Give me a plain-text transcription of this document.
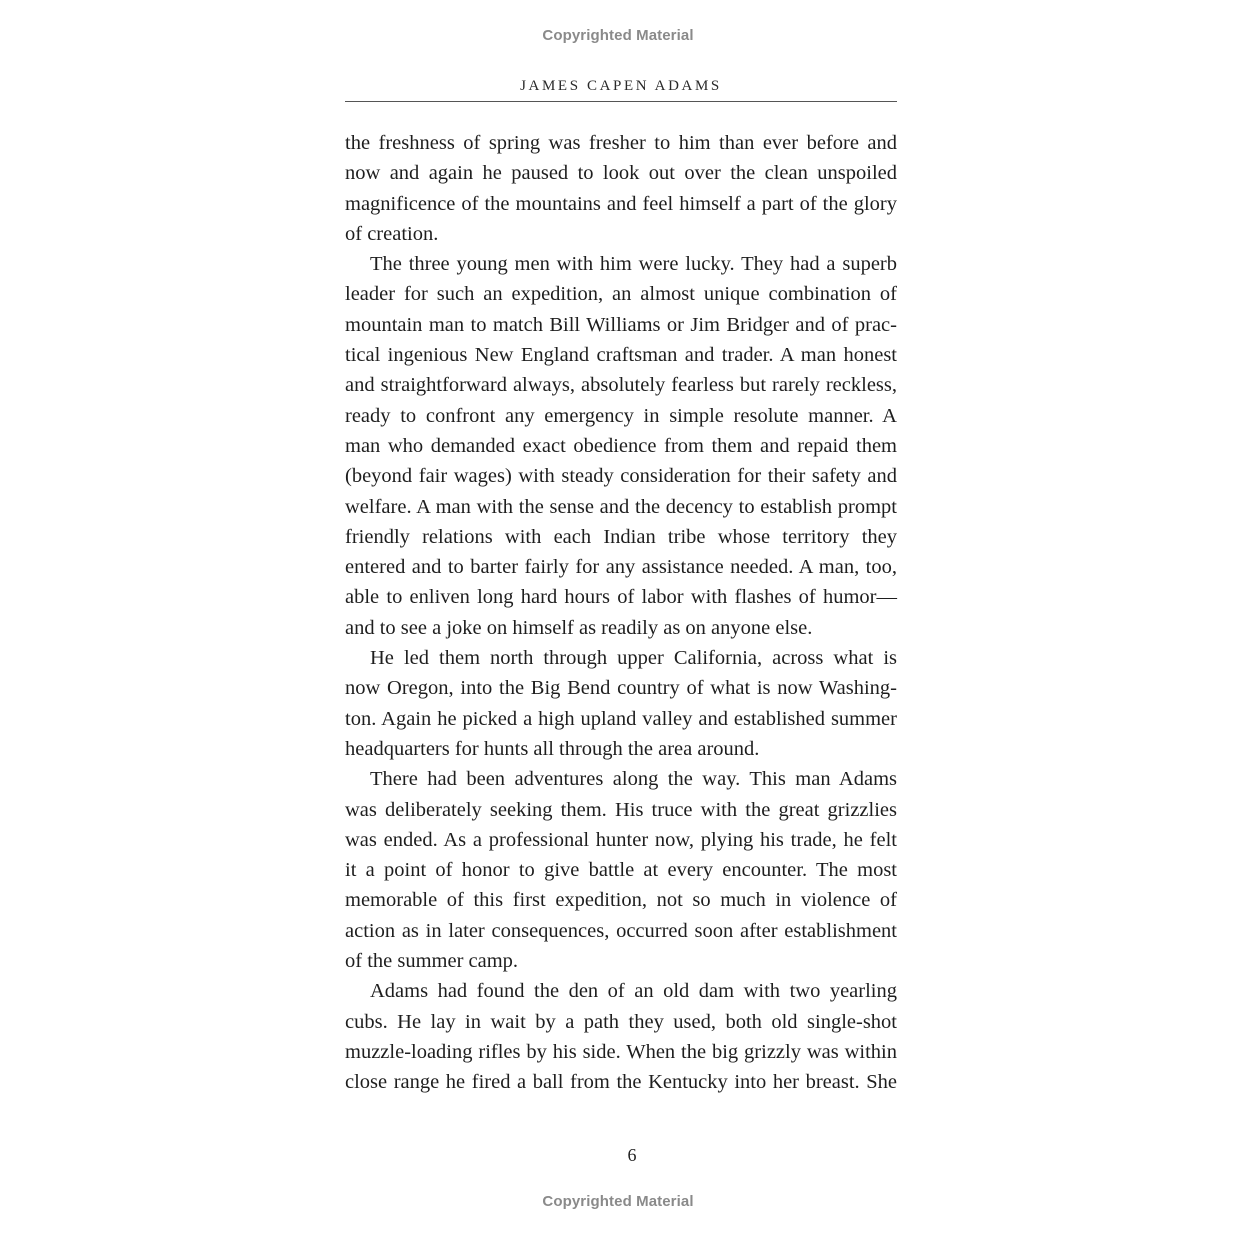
Copyrighted Material
JAMES CAPEN ADAMS
the freshness of spring was fresher to him than ever before and
now and again he paused to look out over the clean unspoiled
magnificence of the mountains and feel himself a part of the glory
of creation.
The three young men with him were lucky. They had a superb
leader for such an expedition, an almost unique combination of
mountain man to match Bill Williams or Jim Bridger and of prac-
tical ingenious New England craftsman and trader. A man honest
and straightforward always, absolutely fearless but rarely reckless,
ready to confront any emergency in simple resolute manner. A
man who demanded exact obedience from them and repaid them
(beyond fair wages) with steady consideration for their safety and
welfare. A man with the sense and the decency to establish prompt
friendly relations with each Indian tribe whose territory they
entered and to barter fairly for any assistance needed. A man, too,
able to enliven long hard hours of labor with flashes of humor—
and to see a joke on himself as readily as on anyone else.
He led them north through upper California, across what is
now Oregon, into the Big Bend country of what is now Washing-
ton. Again he picked a high upland valley and established summer
headquarters for hunts all through the area around.
There had been adventures along the way. This man Adams
was deliberately seeking them. His truce with the great grizzlies
was ended. As a professional hunter now, plying his trade, he felt
it a point of honor to give battle at every encounter. The most
memorable of this first expedition, not so much in violence of
action as in later consequences, occurred soon after establishment
of the summer camp.
Adams had found the den of an old dam with two yearling
cubs. He lay in wait by a path they used, both old single-shot
muzzle-loading rifles by his side. When the big grizzly was within
close range he fired a ball from the Kentucky into her breast. She
6
Copyrighted Material
